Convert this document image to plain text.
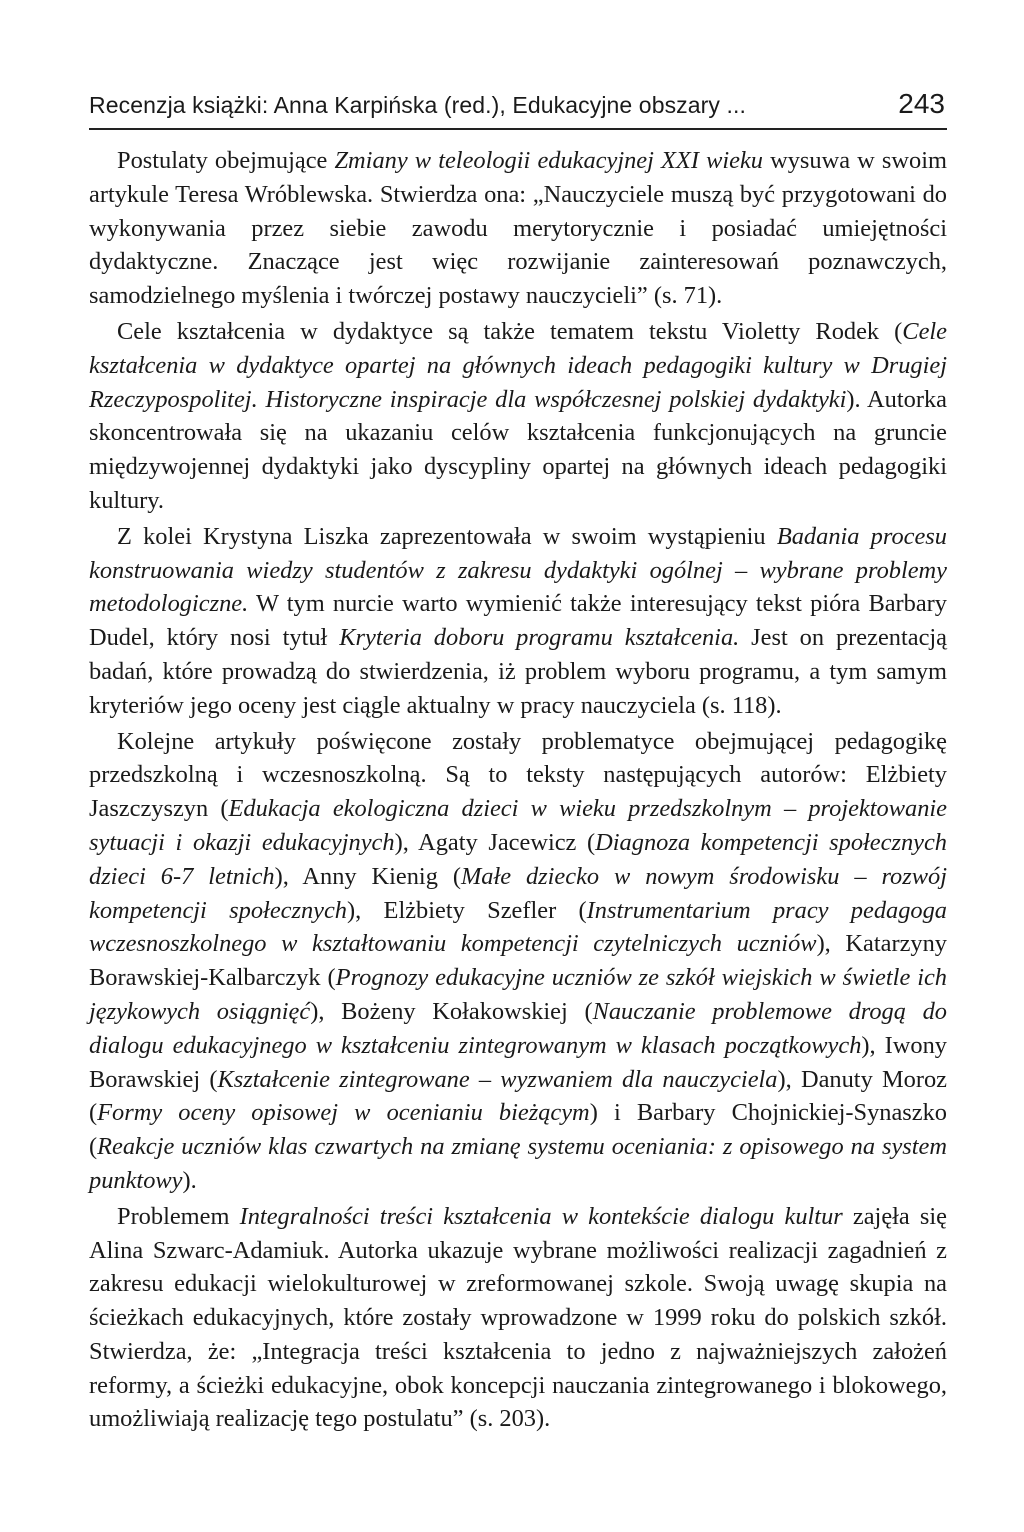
Recenzja książki: Anna Karpińska (red.), Edukacyjne obszary ...	243

Postulaty obejmujące Zmiany w teleologii edukacyjnej XXI wieku wysuwa w swoim artykule Teresa Wróblewska. Stwierdza ona: „Nauczyciele muszą być przygotowani do wykonywania przez siebie zawodu merytorycznie i posiadać umiejętności dydaktyczne. Znaczące jest więc rozwijanie zainteresowań poznawczych, samodzielnego myślenia i twórczej postawy nauczycieli” (s. 71).

Cele kształcenia w dydaktyce są także tematem tekstu Violetty Rodek (Cele kształcenia w dydaktyce opartej na głównych ideach pedagogiki kultury w Drugiej Rzeczypospolitej. Historyczne inspiracje dla współczesnej polskiej dydaktyki). Autorka skoncentrowała się na ukazaniu celów kształcenia funkcjonujących na gruncie międzywojennej dydaktyki jako dyscypliny opartej na głównych ideach pedagogiki kultury.

Z kolei Krystyna Liszka zaprezentowała w swoim wystąpieniu Badania procesu konstruowania wiedzy studentów z zakresu dydaktyki ogólnej – wybrane problemy metodologiczne. W tym nurcie warto wymienić także interesujący tekst pióra Barbary Dudel, który nosi tytuł Kryteria doboru programu kształcenia. Jest on prezentacją badań, które prowadzą do stwierdzenia, iż problem wyboru programu, a tym samym kryteriów jego oceny jest ciągle aktualny w pracy nauczyciela (s. 118).

Kolejne artykuły poświęcone zostały problematyce obejmującej pedagogikę przedszkolną i wczesnoszkolną. Są to teksty następujących autorów: Elżbiety Jaszczyszyn (Edukacja ekologiczna dzieci w wieku przedszkolnym – projektowanie sytuacji i okazji edukacyjnych), Agaty Jacewicz (Diagnoza kompetencji społecznych dzieci 6-7 letnich), Anny Kienig (Małe dziecko w nowym środowisku – rozwój kompetencji społecznych), Elżbiety Szefler (Instrumentarium pracy pedagoga wczesnoszkolnego w kształtowaniu kompetencji czytelniczych uczniów), Katarzyny Borawskiej-Kalbarczyk (Prognozy edukacyjne uczniów ze szkół wiejskich w świetle ich językowych osiągnięć), Bożeny Kołakowskiej (Nauczanie problemowe drogą do dialogu edukacyjnego w kształceniu zintegrowanym w klasach początkowych), Iwony Borawskiej (Kształcenie zintegrowane – wyzwaniem dla nauczyciela), Danuty Moroz (Formy oceny opisowej w ocenianiu bieżącym) i Barbary Chojnickiej-Synaszko (Reakcje uczniów klas czwartych na zmianę systemu oceniania: z opisowego na system punktowy).

Problemem Integralności treści kształcenia w kontekście dialogu kultur zajęła się Alina Szwarc-Adamiuk. Autorka ukazuje wybrane możliwości realizacji zagadnień z zakresu edukacji wielokulturowej w zreformowanej szkole. Swoją uwagę skupia na ścieżkach edukacyjnych, które zostały wprowadzone w 1999 roku do polskich szkół. Stwierdza, że: „Integracja treści kształcenia to jedno z najważniejszych założeń reformy, a ścieżki edukacyjne, obok koncepcji nauczania zintegrowanego i blokowego, umożliwiają realizację tego postulatu” (s. 203).
